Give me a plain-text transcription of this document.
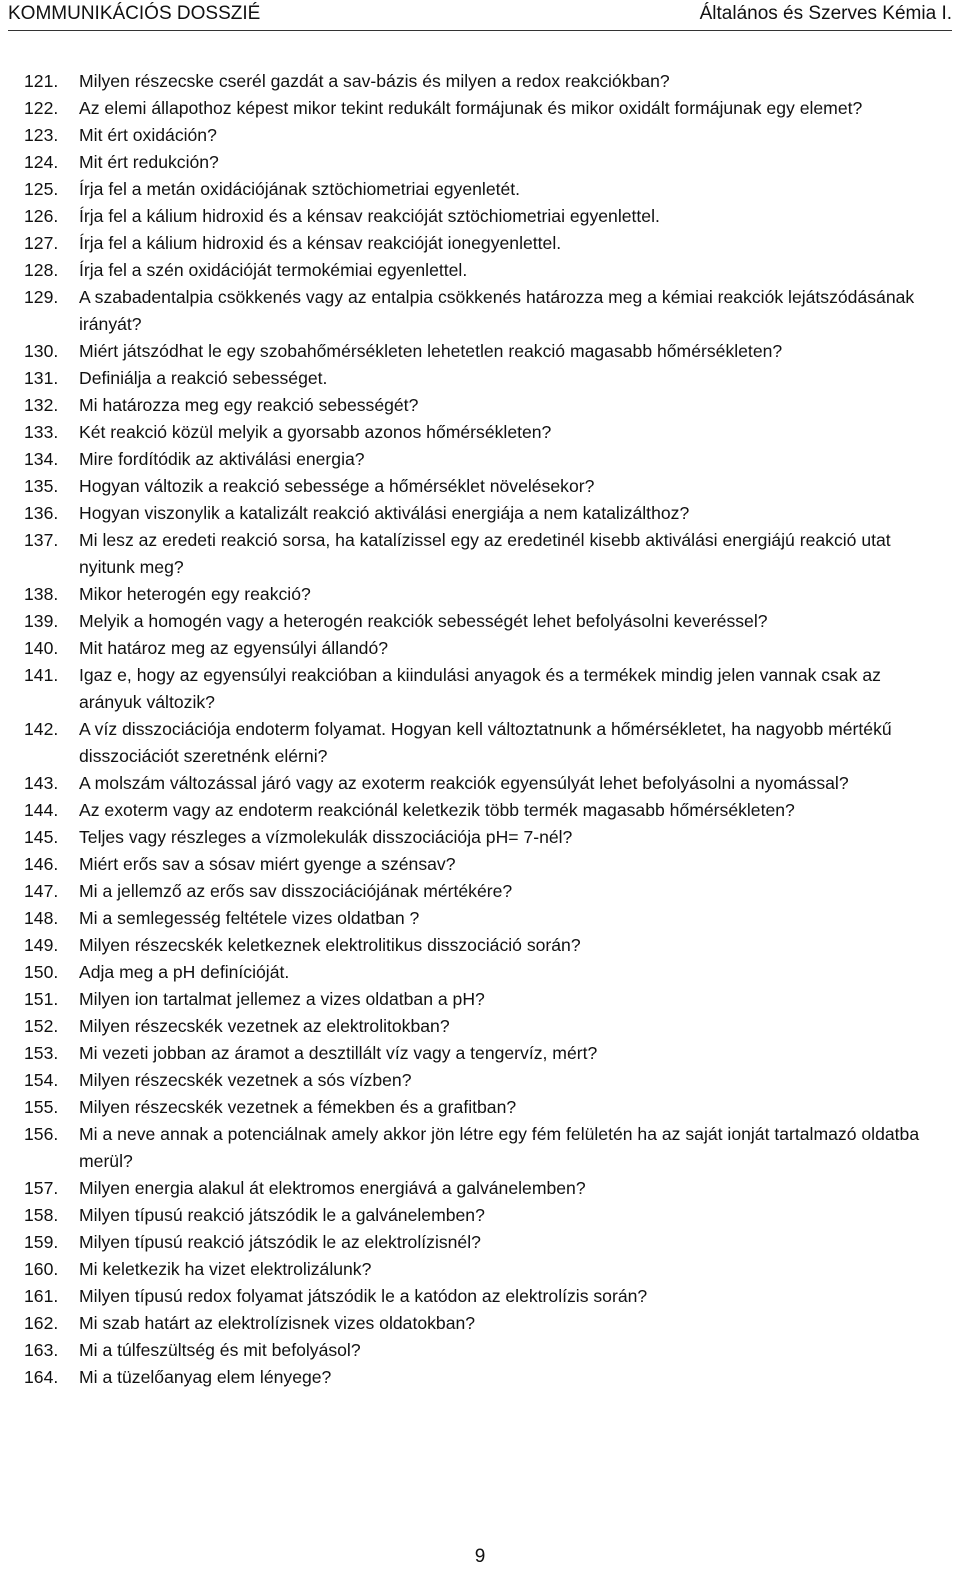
KOMMUNIKÁCIÓS DOSSZIÉ	Általános és Szerves Kémia I.
121.	Milyen részecske cserél gazdát a sav-bázis és milyen a redox reakciókban?
122.	Az elemi állapothoz képest mikor tekint redukált formájunak és mikor oxidált formájunak egy elemet?
123.	Mit ért oxidáción?
124.	Mit ért redukción?
125.	Írja fel a metán oxidációjának sztöchiometriai egyenletét.
126.	Írja fel a kálium hidroxid és a kénsav reakcióját sztöchiometriai egyenlettel.
127.	Írja fel a kálium hidroxid és a kénsav reakcióját ionegyenlettel.
128.	Írja fel a szén oxidációját termokémiai egyenlettel.
129.	A szabadentalpia csökkenés vagy az entalpia csökkenés határozza meg a kémiai reakciók lejátszódásának irányát?
130.	Miért játszódhat le egy szobahőmérsékleten lehetetlen reakció magasabb hőmérsékleten?
131.	Definiálja a reakció sebességet.
132.	Mi határozza meg egy reakció sebességét?
133.	Két reakció közül melyik a gyorsabb azonos hőmérsékleten?
134.	Mire fordítódik az aktiválási energia?
135.	Hogyan változik a reakció sebessége a hőmérséklet növelésekor?
136.	Hogyan viszonylik a katalizált reakció aktiválási energiája a nem katalizálthoz?
137.	Mi lesz az eredeti reakció sorsa, ha katalízissel egy az eredetinél kisebb aktiválási energiájú reakció utat nyitunk meg?
138.	Mikor heterogén egy reakció?
139.	Melyik a homogén vagy a heterogén reakciók sebességét lehet befolyásolni keveréssel?
140.	Mit határoz meg az egyensúlyi állandó?
141.	Igaz e, hogy az egyensúlyi reakcióban a kiindulási anyagok és a termékek mindig jelen vannak csak az arányuk változik?
142.	A víz disszociációja endoterm folyamat. Hogyan kell változtatnunk a hőmérsékletet, ha nagyobb mértékű disszociációt szeretnénk elérni?
143.	A molszám változással járó vagy az exoterm reakciók egyensúlyát lehet befolyásolni a nyomással?
144.	Az exoterm vagy az endoterm reakciónál keletkezik több termék magasabb hőmérsékleten?
145.	Teljes vagy részleges a vízmolekulák disszociációja pH= 7-nél?
146.	Miért erős sav a sósav miért gyenge a szénsav?
147.	Mi a jellemző az erős sav disszociációjának mértékére?
148.	Mi a semlegesség feltétele vizes oldatban ?
149.	Milyen részecskék keletkeznek elektrolitikus disszociáció során?
150.	Adja meg a pH definícióját.
151.	Milyen ion tartalmat jellemez a vizes oldatban a pH?
152.	Milyen részecskék vezetnek az elektrolitokban?
153.	Mi vezeti jobban az áramot a desztillált víz vagy a tengervíz, mért?
154.	Milyen részecskék vezetnek a sós vízben?
155.	Milyen részecskék vezetnek a fémekben és a grafitban?
156.	Mi a neve annak a potenciálnak amely akkor jön létre egy fém felületén ha az saját ionját tartalmazó oldatba merül?
157.	Milyen energia alakul át elektromos energiává a galvánelemben?
158.	Milyen típusú reakció játszódik le a galvánelemben?
159.	Milyen típusú reakció játszódik le az elektrolízisnél?
160.	Mi keletkezik ha vizet elektrolizálunk?
161.	Milyen típusú redox folyamat játszódik le a katódon az elektrolízis során?
162.	Mi szab határt az elektrolízisnek vizes oldatokban?
163.	Mi a túlfeszültség és mit befolyásol?
164.	Mi a tüzelőanyag elem lényege?
9
